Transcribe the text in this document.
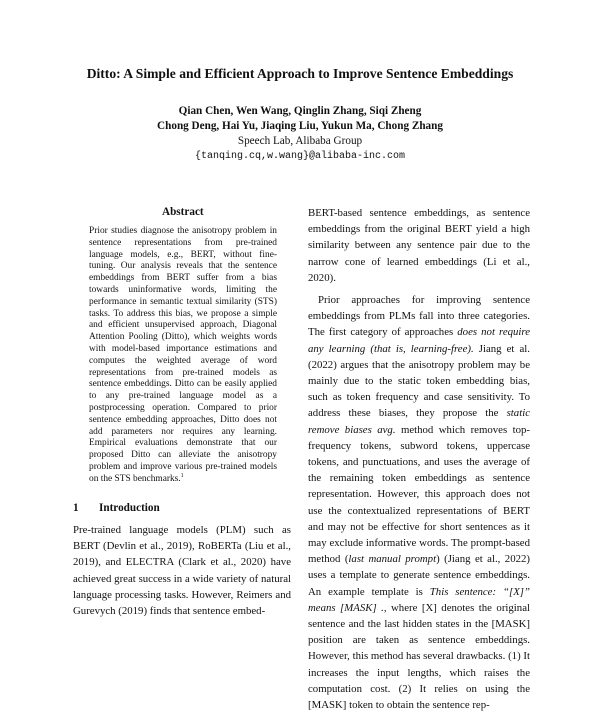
Ditto: A Simple and Efficient Approach to Improve Sentence Embeddings
Qian Chen, Wen Wang, Qinglin Zhang, Siqi Zheng
Chong Deng, Hai Yu, Jiaqing Liu, Yukun Ma, Chong Zhang
Speech Lab, Alibaba Group
{tanqing.cq,w.wang}@alibaba-inc.com
Abstract

Prior studies diagnose the anisotropy problem in sentence representations from pre-trained language models, e.g., BERT, without fine-tuning. Our analysis reveals that the sentence embeddings from BERT suffer from a bias towards uninformative words, limiting the performance in semantic textual similarity (STS) tasks. To address this bias, we propose a simple and efficient unsupervised approach, Diagonal Attention Pooling (Ditto), which weights words with model-based importance estimations and computes the weighted average of word representations from pre-trained models as sentence embeddings. Ditto can be easily applied to any pre-trained language model as a postprocessing operation. Compared to prior sentence embedding approaches, Ditto does not add parameters nor requires any learning. Empirical evaluations demonstrate that our proposed Ditto can alleviate the anisotropy problem and improve various pre-trained models on the STS benchmarks.$^1$

1 Introduction

Pre-trained language models (PLM) such as BERT (Devlin et al., 2019), RoBERTa (Liu et al., 2019), and ELECTRA (Clark et al., 2020) have achieved great success in a wide variety of natural language processing tasks. However, Reimers and Gurevych (2019) finds that sentence embed-

BERT-based sentence embeddings, as sentence embeddings from the original BERT yield a high similarity between any sentence pair due to the narrow cone of learned embeddings (Li et al., 2020).

Prior approaches for improving sentence embeddings from PLMs fall into three categories. The first category of approaches does not require any learning (that is, learning-free). Jiang et al. (2022) argues that the anisotropy problem may be mainly due to the static token embedding bias, such as token frequency and case sensitivity. To address these biases, they propose the static remove biases avg. method which removes top-frequency tokens, subword tokens, uppercase tokens, and punctuations, and uses the average of the remaining token embeddings as sentence representation. However, this approach does not use the contextualized representations of BERT and may not be effective for short sentences as it may exclude informative words. The prompt-based method (last manual prompt) (Jiang et al., 2022) uses a template to generate sentence embeddings. An example template is This sentence: “[X]” means [MASK] ., where [X] denotes the original sentence and the last hidden states in the [MASK] position are taken as sentence embeddings. However, this method has several drawbacks. (1) It increases the input lengths, which raises the computation cost. (2) It relies on using the [MASK] token to obtain the sentence rep-
